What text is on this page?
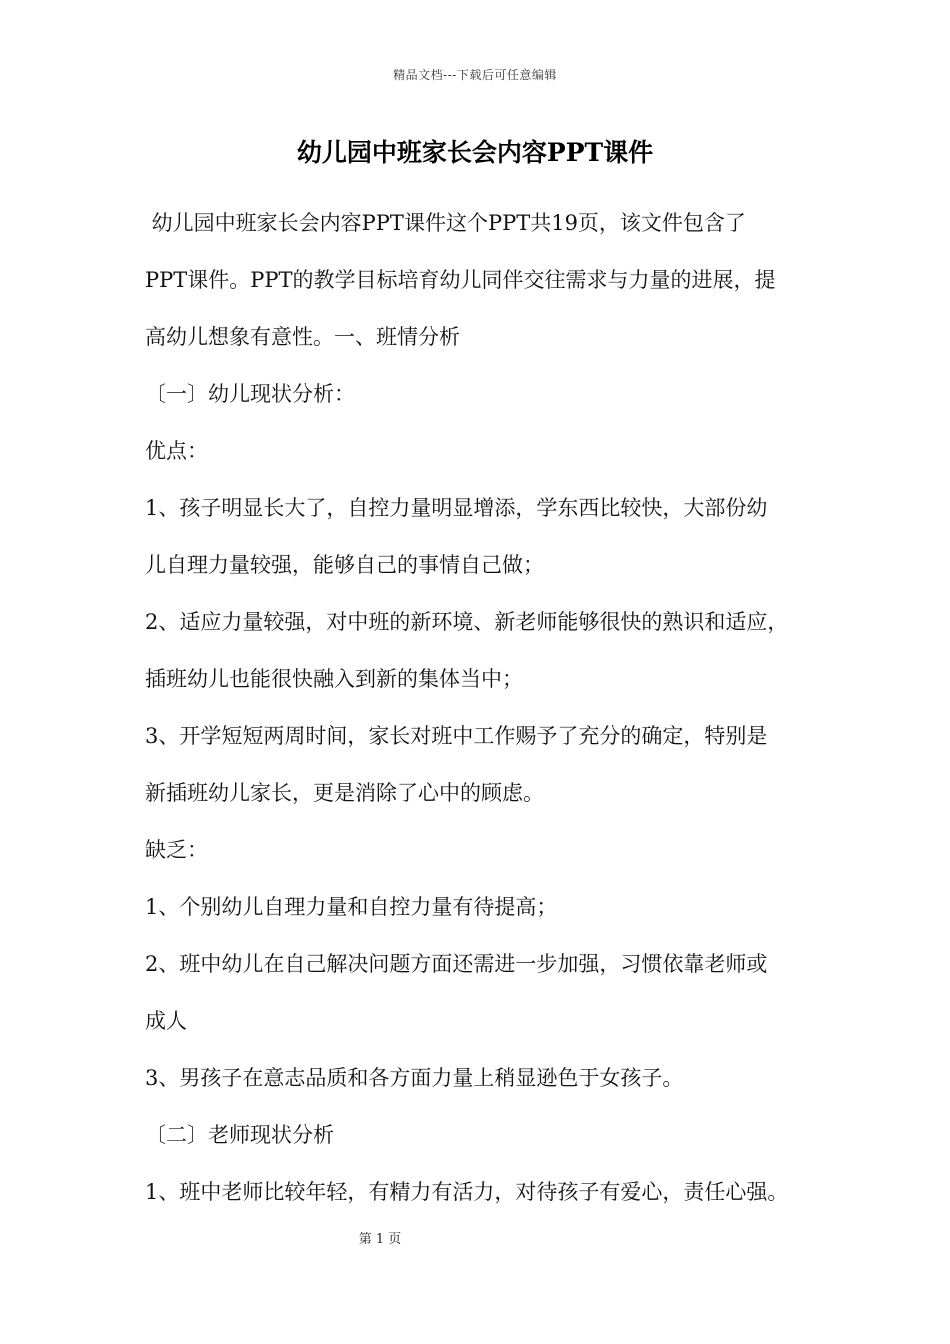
精品文档---下载后可任意编辑
幼儿园中班家长会内容PPT课件
幼儿园中班家长会内容PPT课件这个PPT共19页，该文件包含了
PPT课件。PPT的教学目标培育幼儿同伴交往需求与力量的进展，提
高幼儿想象有意性。一、班情分析
〔一〕幼儿现状分析：
优点：
1、孩子明显长大了，自控力量明显增添，学东西比较快，大部份幼
儿自理力量较强，能够自己的事情自己做；
2、适应力量较强，对中班的新环境、新老师能够很快的熟识和适应，
插班幼儿也能很快融入到新的集体当中；
3、开学短短两周时间，家长对班中工作赐予了充分的确定，特别是
新插班幼儿家长，更是消除了心中的顾虑。
缺乏：
1、个别幼儿自理力量和自控力量有待提高；
2、班中幼儿在自己解决问题方面还需进一步加强，习惯依靠老师或
成人
3、男孩子在意志品质和各方面力量上稍显逊色于女孩子。
〔二〕老师现状分析
1、班中老师比较年轻，有精力有活力，对待孩子有爱心，责任心强。
第 1 页
